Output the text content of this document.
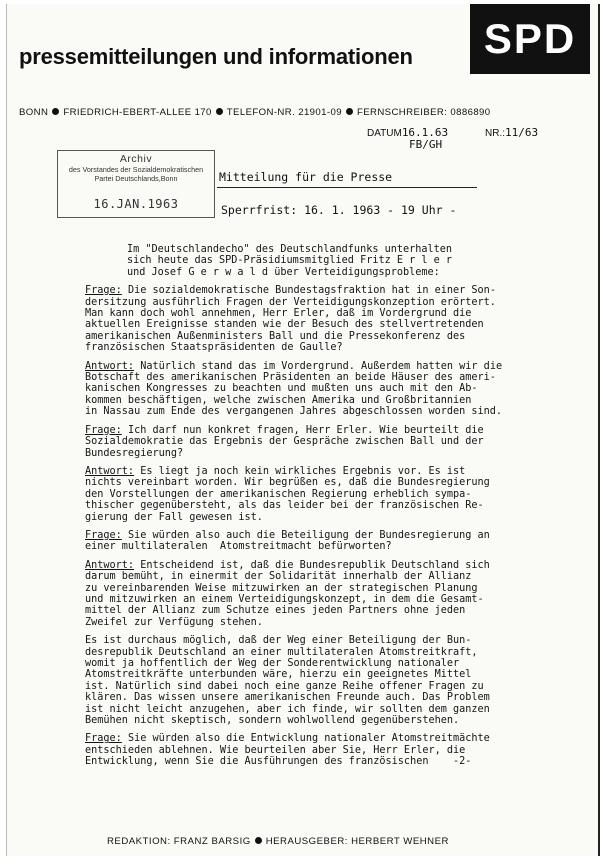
pressemitteilungen und informationen	SPD
BONN FRIEDRICH-EBERT-ALLEE 170 TELEFON-NR. 21901-09 FERNSCHREIBER: 0886890
DATUM16.1.63
FB/GH
NR.:11/63
Archiv
des Vorstandes der Sozialdemokratischen
Partei Deutschlands,Bonn
16.JAN.1963
Mitteilung für die Presse
Sperrfrist: 16. 1. 1963 - 19 Uhr -

Im "Deutschlandecho" des Deutschlandfunks unterhalten

sich heute das SPD-Präsidiumsmitglied Fritz E r l e r

und Josef G e r w a l d über Verteidigungsprobleme:

Frage: Die sozialdemokratische Bundestagsfraktion hat in einer Son-

dersitzung ausführlich Fragen der Verteidigungskonzeption erörtert.

Man kann doch wohl annehmen, Herr Erler, daß im Vordergrund die

aktuellen Ereignisse standen wie der Besuch des stellvertretenden

amerikanischen Außenministers Ball und die Pressekonferenz des

französischen Staatspräsidenten de Gaulle?

Antwort: Natürlich stand das im Vordergrund. Außerdem hatten wir die

Botschaft des amerikanischen Präsidenten an beide Häuser des ameri-

kanischen Kongresses zu beachten und mußten uns auch mit den Ab-

kommen beschäftigen, welche zwischen Amerika und Großbritannien

in Nassau zum Ende des vergangenen Jahres abgeschlossen worden sind.

Frage: Ich darf nun konkret fragen, Herr Erler. Wie beurteilt die

Sozialdemokratie das Ergebnis der Gespräche zwischen Ball und der

Bundesregierung?

Antwort: Es liegt ja noch kein wirkliches Ergebnis vor. Es ist

nichts vereinbart worden. Wir begrüßen es, daß die Bundesregierung

den Vorstellungen der amerikanischen Regierung erheblich sympa-

thischer gegenübersteht, als das leider bei der französischen Re-

gierung der Fall gewesen ist.

Frage: Sie würden also auch die Beteiligung der Bundesregierung an

einer multilateralen  Atomstreitmacht befürworten?

Antwort: Entscheidend ist, daß die Bundesrepublik Deutschland sich

darum bemüht, in einermit der Solidarität innerhalb der Allianz

zu vereinbarenden Weise mitzuwirken an der strategischen Planung

und mitzuwirken an einem Verteidigungskonzept, in dem die Gesamt-

mittel der Allianz zum Schutze eines jeden Partners ohne jeden

Zweifel zur Verfügung stehen.

Es ist durchaus möglich, daß der Weg einer Beteiligung der Bun-

desrepublik Deutschland an einer multilateralen Atomstreitkraft,

womit ja hoffentlich der Weg der Sonderentwicklung nationaler

Atomstreitkräfte unterbunden wäre, hierzu ein geeignetes Mittel

ist. Natürlich sind dabei noch eine ganze Reihe offener Fragen zu

klären. Das wissen unsere amerikanischen Freunde auch. Das Problem

ist nicht leicht anzugehen, aber ich finde, wir sollten dem ganzen

Bemühen nicht skeptisch, sondern wohlwollend gegenüberstehen.

Frage: Sie würden also die Entwicklung nationaler Atomstreitmächte

entschieden ablehnen. Wie beurteilen aber Sie, Herr Erler, die

Entwicklung, wenn Sie die Ausführungen des französischen    -2-

REDAKTION: FRANZ BARSIG HERAUSGEBER: HERBERT WEHNER
